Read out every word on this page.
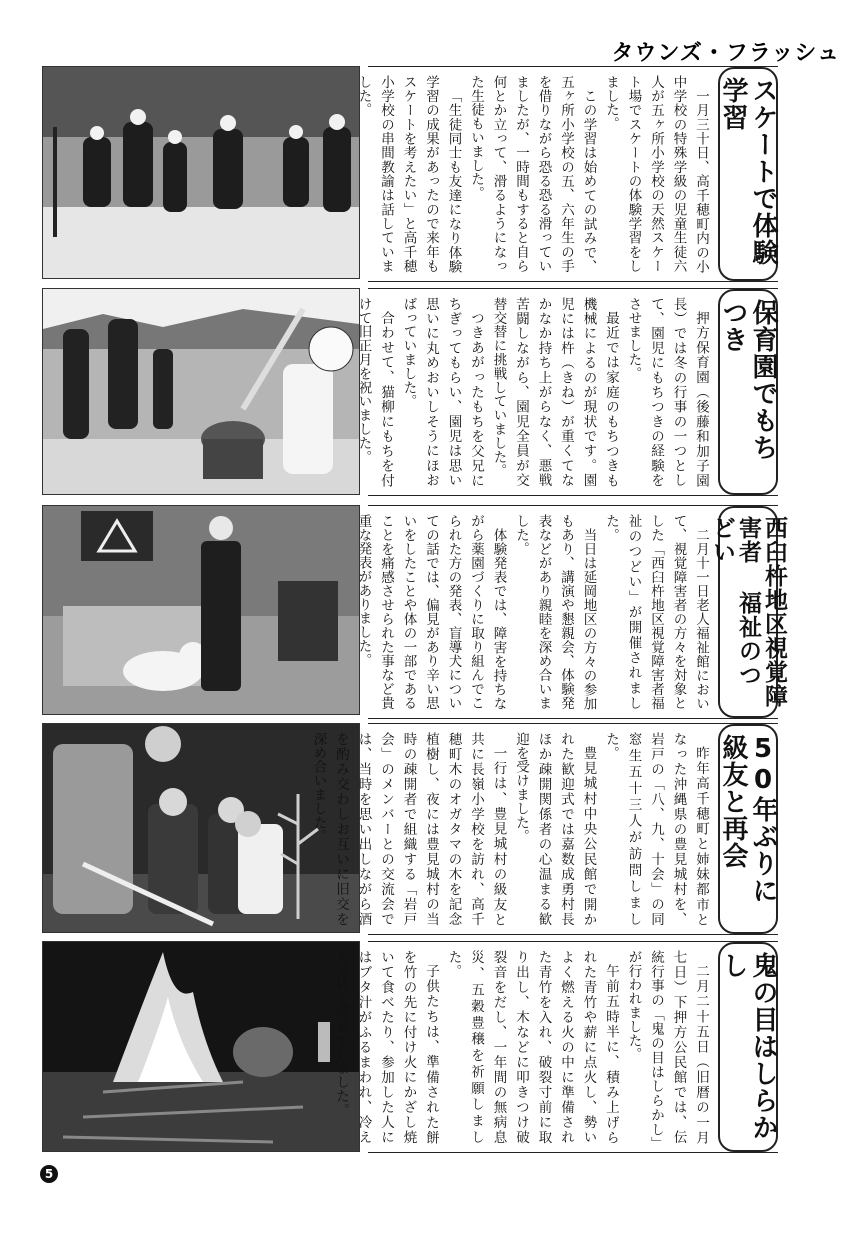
タウンズ・フラッシュ

一月三十日、高千穂町内の小中学校の特殊学級の児童生徒六人が五ヶ所小学校の天然スケート場でスケートの体験学習をしました。

この学習は始めての試みで、五ヶ所小学校の五、六年生の手を借りながら恐る恐る滑っていましたが、一時間もすると自ら何とか立って、滑るようになった生徒もいました。

「生徒同士も友達になり体験学習の成果があったので来年もスケートを考えたい」と高千穂小学校の串間教諭は話していました。	スケートで体験学習

押方保育園（後藤和加子園長）では冬の行事の一つとして、園児にもちつきの経験をさせました。

最近では家庭のもちつきも機械によるのが現状です。園児には杵（きね）が重くてなかなか持ち上がらなく、悪戦苦闘しながら、園児全員が交替交替に挑戦していました。

つきあがったもちを父兄にちぎってもらい、園児は思い思いに丸めおいしそうにほおばっていました。

合わせて、猫柳にもちを付けて旧正月を祝いました。	保育園でもちつき

二月十一日老人福祉館において、視覚障害者の方々を対象とした「西臼杵地区視覚障害者福祉のつどい」が開催されました。

当日は延岡地区の方々の参加もあり、講演や懇親会、体験発表などがあり親睦を深め合いました。

体験発表では、障害を持ちながら薬園づくりに取り組んでこられた方の発表、盲導犬についての話では、偏見があり辛い思いをしたことや体の一部であることを痛感させられた事など貴重な発表がありました。	西臼杵地区視覚障害者 福祉のつどい

昨年高千穂町と姉妹都市となった沖縄県の豊見城村を、岩戸の「八、九、十会」の同窓生五十三人が訪問しました。

豊見城村中央公民館で開かれた歓迎式では嘉数成勇村長ほか疎開関係者の心温まる歓迎を受けました。

一行は、豊見城村の級友と共に長嶺小学校を訪れ、高千穂町木のオガタマの木を記念植樹し、夜には豊見城村の当時の疎開者で組織する「岩戸会」のメンバーとの交流会では、当時を思い出しながら酒を酌み交わしお互いに旧交を深め合いました。	50年ぶりに級友と再会

二月二十五日（旧暦の一月七日）下押方公民館では、伝統行事の「鬼の目はしらかし」が行われました。

午前五時半に、積み上げられた青竹や薪に点火し、勢いよく燃える火の中に準備された青竹を入れ、破裂寸前に取り出し、木などに叩きつけ破裂音をだし、一年間の無病息災、五穀豊穣を祈願しました。

子供たちは、準備された餅を竹の先に付け火にかざし焼いて食べたり、参加した人にはブタ汁がふるまわれ、冷えた身体を暖めていました。	鬼の目はしらかし
5
